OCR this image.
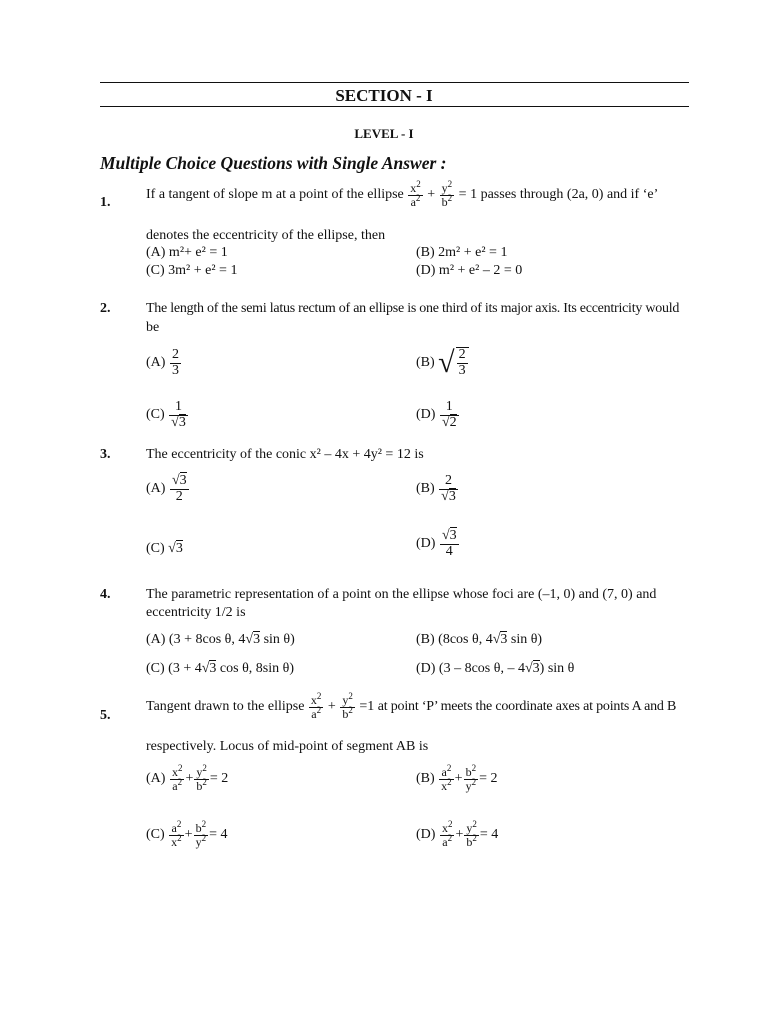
SECTION - I
LEVEL - I
Multiple Choice Questions with Single Answer :
1.
If a tangent of slope m at a point of the ellipse $\frac{x^2}{a^2} + \frac{y^2}{b^2} = 1$ passes through (2a, 0) and if ‘e’
denotes the eccentricity of the ellipse, then
(A) m²+ e² = 1	(B) 2m² + e² = 1
(C) 3m² + e² = 1	(D) m² + e² – 2 = 0
2.	The length of the semi latus rectum of an ellipse is one third of its major axis. Its eccentricity would
be
$(A) \frac{2}{3}$	(B) √ $\frac{2}{3}$
$(C) \frac{1}{√3}$	$(D) \frac{1}{√2}$
3.	The eccentricity of the conic x² – 4x + 4y² = 12 is
$(A) \frac{√3}{2}$	$(B) \frac{2}{√3}$
(C) √3	$(D) \frac{√3}{4}$
4.	The parametric representation of a point on the ellipse whose foci are (–1, 0) and (7, 0) and
eccentricity 1/2 is
(A) (3 + 8cos θ, 4√3 sin θ)	(B) (8cos θ, 4√3 sin θ)
(C) (3 + 4√3 cos θ, 8sin θ)	(D) (3 – 8cos θ, – 4√3) sin θ
5.
Tangent drawn to the ellipse $\frac{x^2}{a^2} + \frac{y^2}{b^2} =1$ at point ‘P’ meets the coordinate axes at points A and B
respectively. Locus of mid-point of segment AB is
$(A) \frac{x^2}{a^2} + \frac{y^2}{b^2} = 2$	$(B) \frac{a^2}{x^2} + \frac{b^2}{y^2} = 2$
$(C) \frac{a^2}{x^2} + \frac{b^2}{y^2} = 4$	$(D) \frac{x^2}{a^2} + \frac{y^2}{b^2} = 4$
